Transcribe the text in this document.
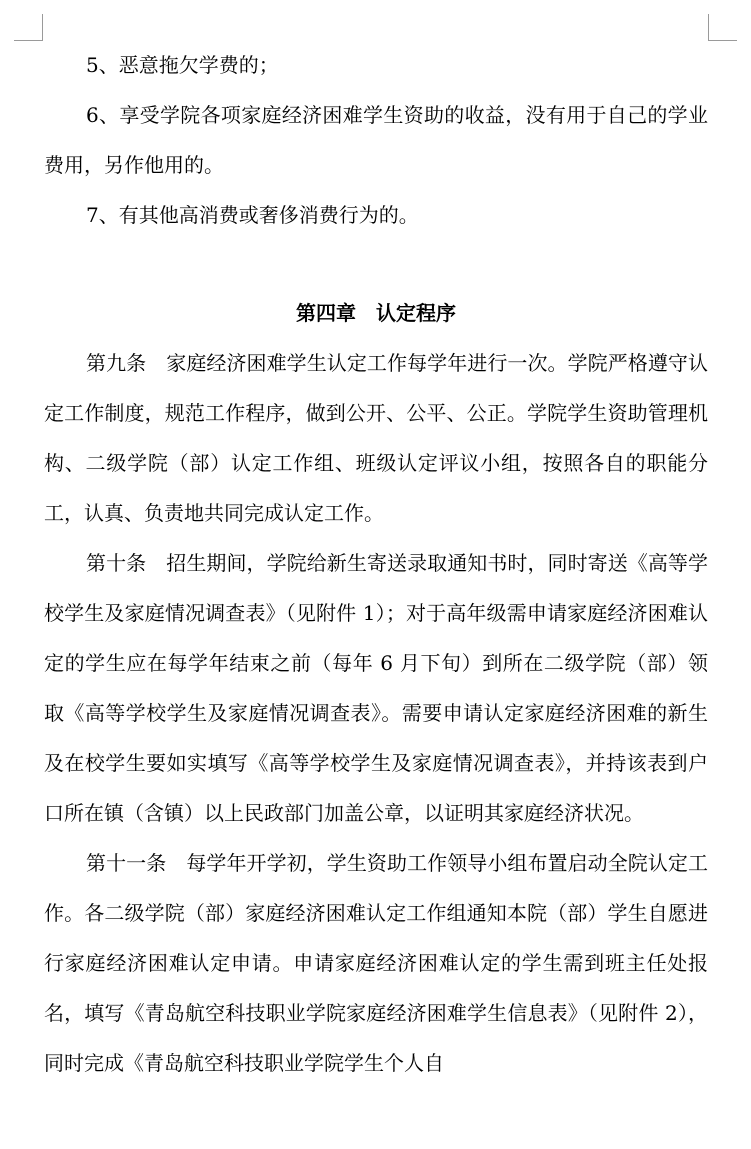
5、恶意拖欠学费的；

6、享受学院各项家庭经济困难学生资助的收益，没有用于自己的学业费用，另作他用的。

7、有其他高消费或奢侈消费行为的。

第四章　认定程序

第九条　家庭经济困难学生认定工作每学年进行一次。学院严格遵守认定工作制度，规范工作程序，做到公开、公平、公正。学院学生资助管理机构、二级学院（部）认定工作组、班级认定评议小组，按照各自的职能分工，认真、负责地共同完成认定工作。

第十条　招生期间，学院给新生寄送录取通知书时，同时寄送《高等学校学生及家庭情况调查表》（见附件 1）；对于高年级需申请家庭经济困难认定的学生应在每学年结束之前（每年 6 月下旬）到所在二级学院（部）领取《高等学校学生及家庭情况调查表》。需要申请认定家庭经济困难的新生及在校学生要如实填写《高等学校学生及家庭情况调查表》，并持该表到户口所在镇（含镇）以上民政部门加盖公章，以证明其家庭经济状况。

第十一条　每学年开学初，学生资助工作领导小组布置启动全院认定工作。各二级学院（部）家庭经济困难认定工作组通知本院（部）学生自愿进行家庭经济困难认定申请。申请家庭经济困难认定的学生需到班主任处报名，填写《青岛航空科技职业学院家庭经济困难学生信息表》（见附件 2），同时完成《青岛航空科技职业学院学生个人自
